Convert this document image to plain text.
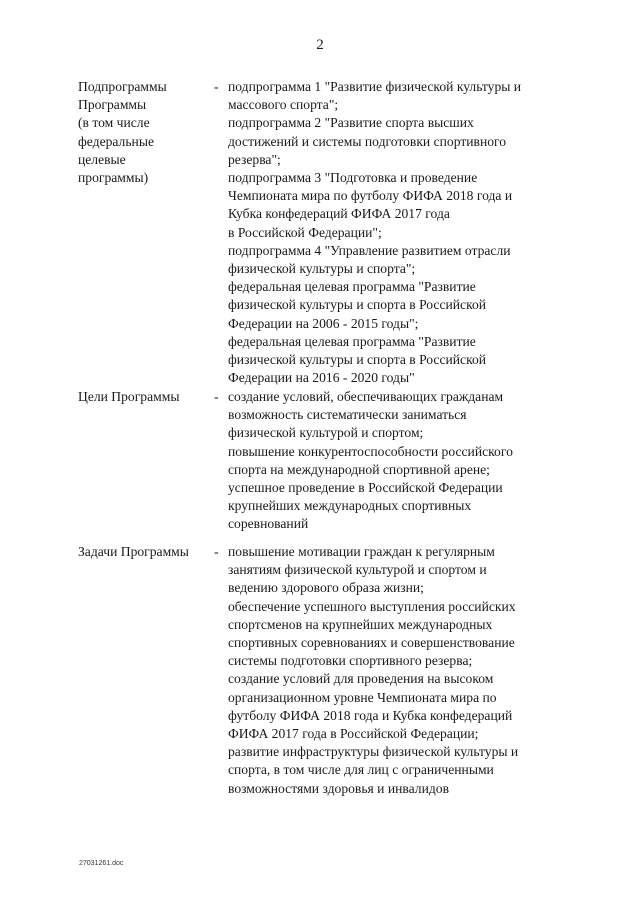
2
Подпрограммы
Программы
(в том числе
федеральные
целевые
программы)
- подпрограмма 1 "Развитие физической культуры и
массового спорта";
подпрограмма 2 "Развитие спорта высших
достижений и системы подготовки спортивного
резерва";
подпрограмма 3 "Подготовка и проведение
Чемпионата мира по футболу ФИФА 2018 года и
Кубка конфедераций ФИФА 2017 года
в Российской Федерации";
подпрограмма 4 "Управление развитием отрасли
физической культуры и спорта";
федеральная целевая программа "Развитие
физической культуры и спорта в Российской
Федерации на 2006 - 2015 годы";
федеральная целевая программа "Развитие
физической культуры и спорта в Российской
Федерации на 2016 - 2020 годы"
Цели Программы	- создание условий, обеспечивающих гражданам
возможность систематически заниматься
физической культурой и спортом;
повышение конкурентоспособности российского
спорта на международной спортивной арене;
успешное проведение в Российской Федерации
крупнейших международных спортивных
соревнований
Задачи Программы	- повышение мотивации граждан к регулярным
занятиям физической культурой и спортом и
ведению здорового образа жизни;
обеспечение успешного выступления российских
спортсменов на крупнейших международных
спортивных соревнованиях и совершенствование
системы подготовки спортивного резерва;
создание условий для проведения на высоком
организационном уровне Чемпионата мира по
футболу ФИФА 2018 года и Кубка конфедераций
ФИФА 2017 года в Российской Федерации;
развитие инфраструктуры физической культуры и
спорта, в том числе для лиц с ограниченными
возможностями здоровья и инвалидов
27031261.doc
